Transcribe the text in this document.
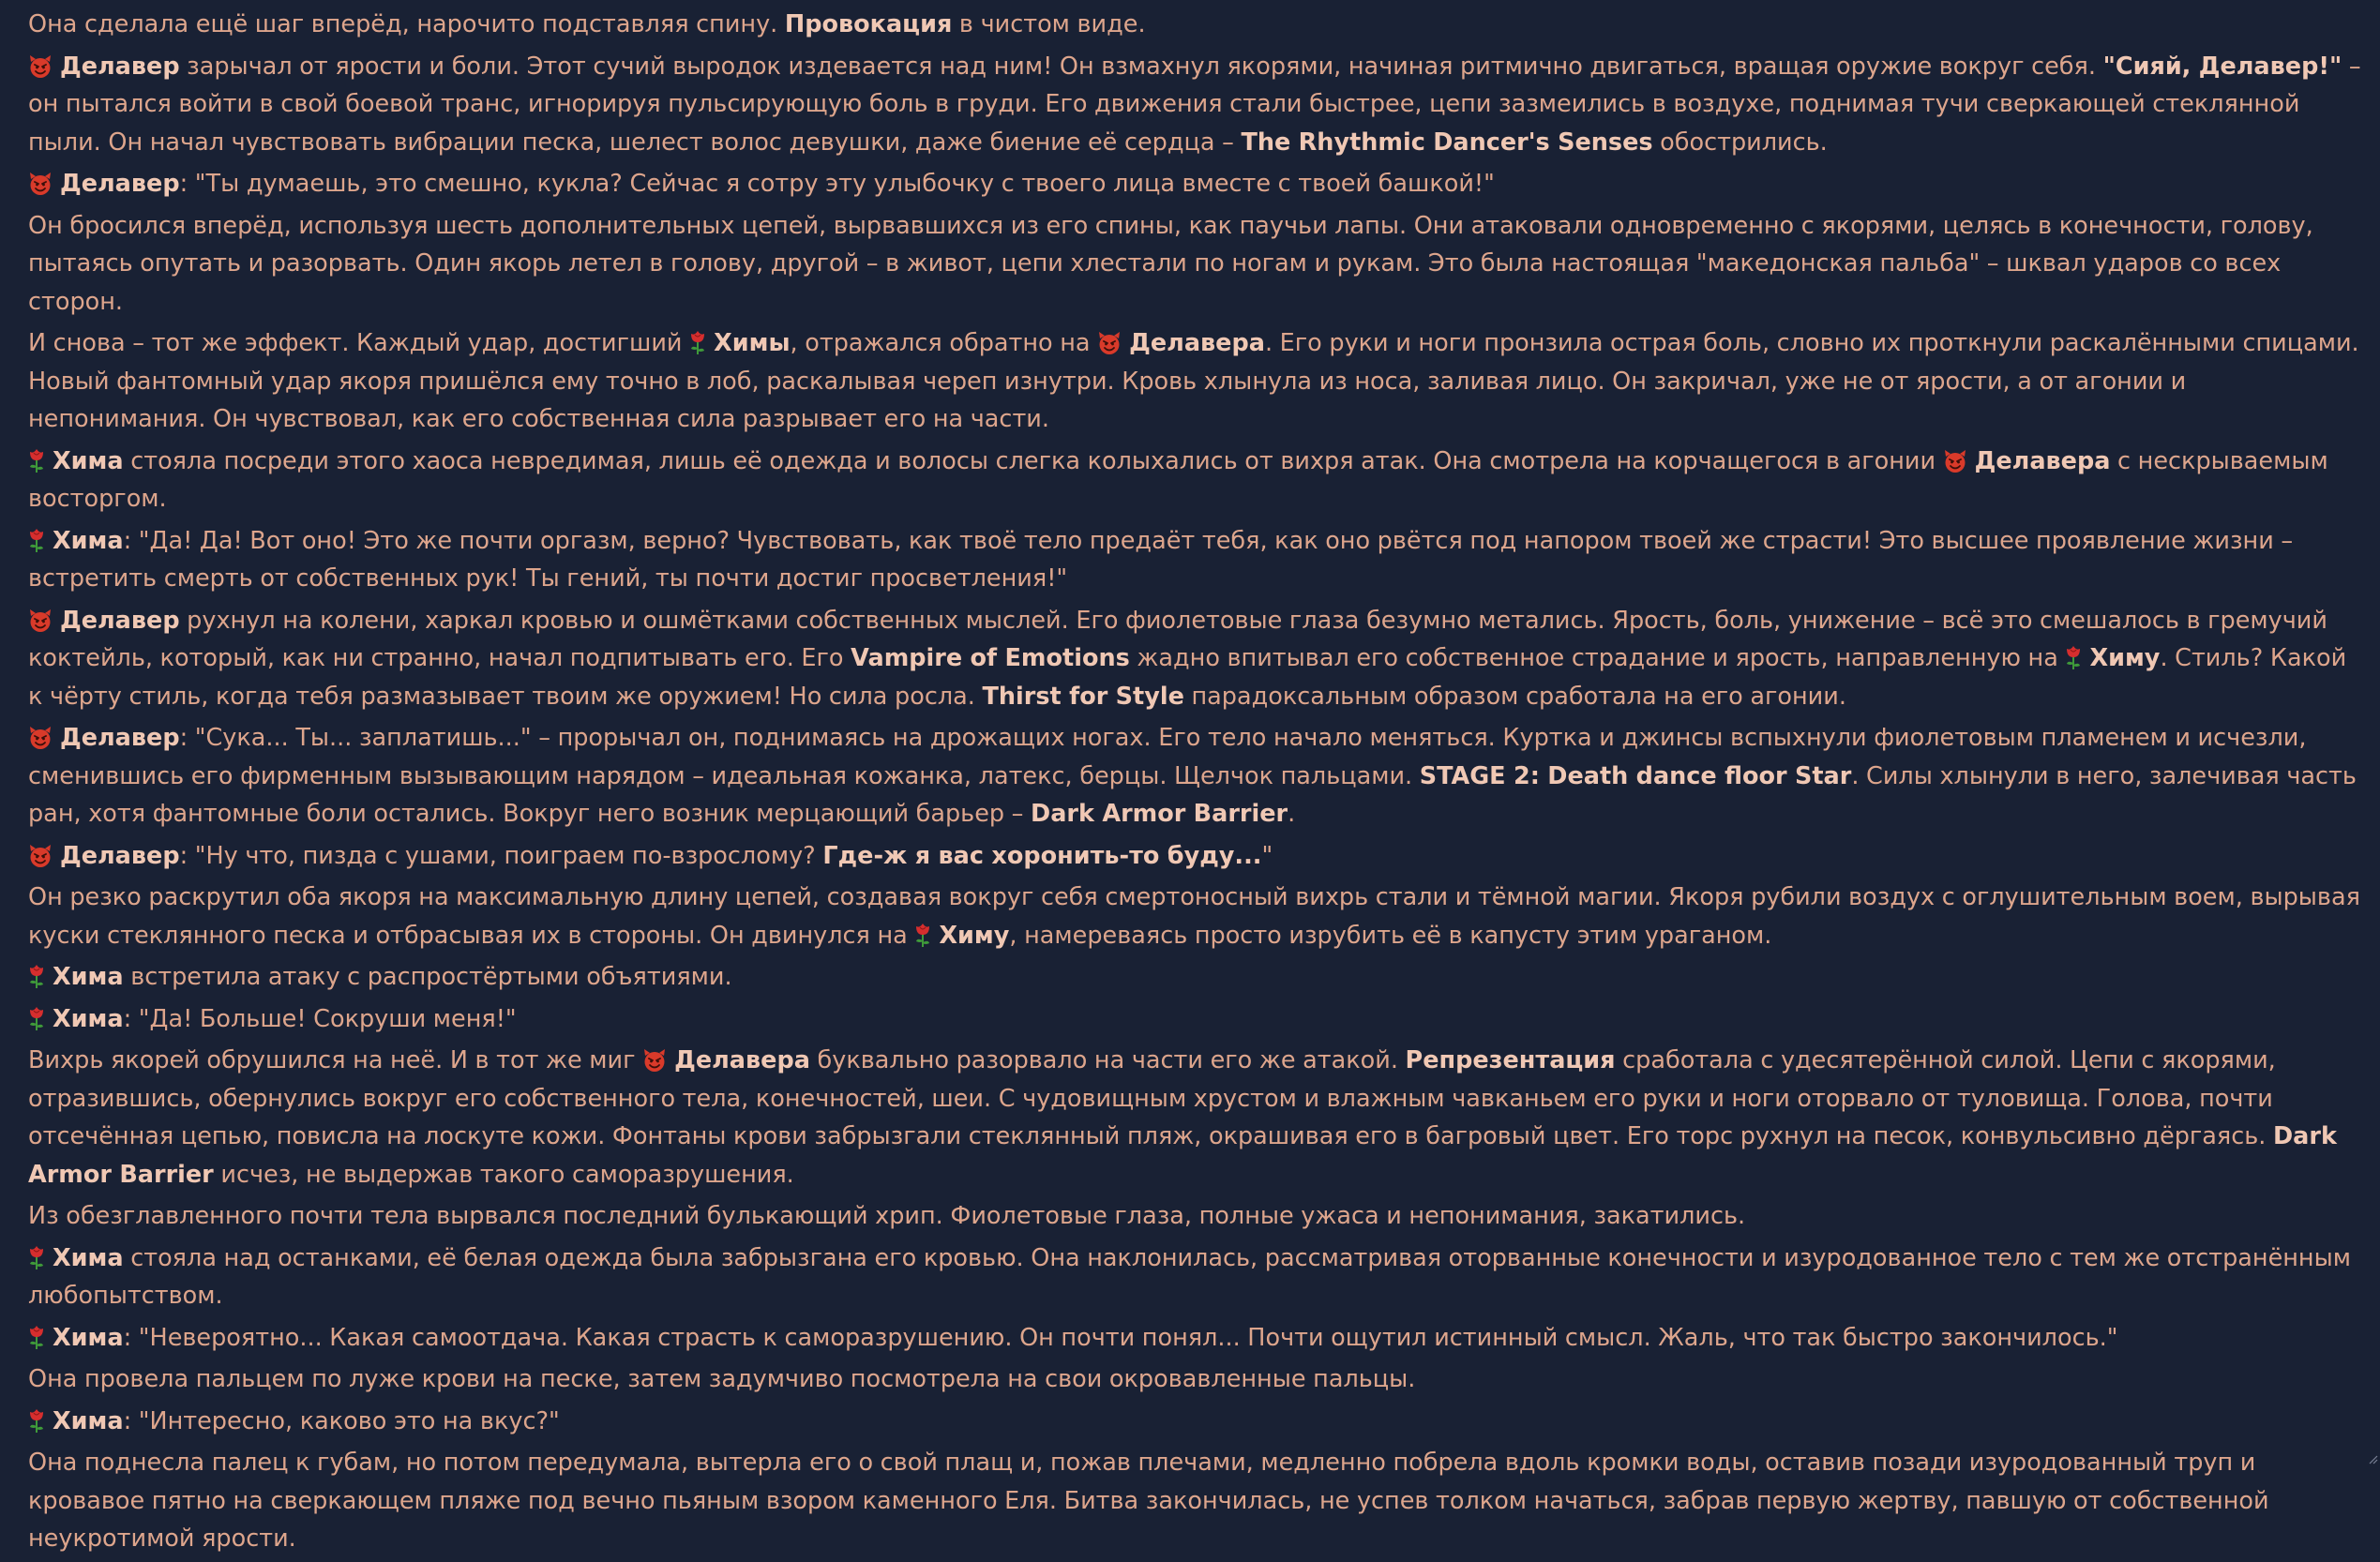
Она сделала ещё шаг вперёд, нарочито подставляя спину. Провокация в чистом виде.
Делавер зарычал от ярости и боли. Этот сучий выродок издевается над ним! Он взмахнул якорями, начиная ритмично двигаться, вращая оружие вокруг себя. "Сияй, Делавер!" – он пытался войти в свой боевой транс, игнорируя пульсирующую боль в груди. Его движения стали быстрее, цепи зазмеились в воздухе, поднимая тучи сверкающей стеклянной пыли. Он начал чувствовать вибрации песка, шелест волос девушки, даже биение её сердца – The Rhythmic Dancer's Senses обострились.
Делавер: "Ты думаешь, это смешно, кукла? Сейчас я сотру эту улыбочку с твоего лица вместе с твоей башкой!"
Он бросился вперёд, используя шесть дополнительных цепей, вырвавшихся из его спины, как паучьи лапы. Они атаковали одновременно с якорями, целясь в конечности, голову, пытаясь опутать и разорвать. Один якорь летел в голову, другой – в живот, цепи хлестали по ногам и рукам. Это была настоящая "македонская пальба" – шквал ударов со всех сторон.
И снова – тот же эффект. Каждый удар, достигший
Химы, отражался обратно на
Делавера. Его руки и ноги пронзила острая боль, словно их проткнули раскалёнными спицами. Новый фантомный удар якоря пришёлся ему точно в лоб, раскалывая череп изнутри. Кровь хлынула из носа, заливая лицо. Он закричал, уже не от ярости, а от агонии и непонимания. Он чувствовал, как его собственная сила разрывает его на части.
Хима стояла посреди этого хаоса невредимая, лишь её одежда и волосы слегка колыхались от вихря атак. Она смотрела на корчащегося в агонии
Делавера с нескрываемым восторгом.
Хима: "Да! Да! Вот оно! Это же почти оргазм, верно? Чувствовать, как твоё тело предаёт тебя, как оно рвётся под напором твоей же страсти! Это высшее проявление жизни – встретить смерть от собственных рук! Ты гений, ты почти достиг просветления!"
Делавер рухнул на колени, харкал кровью и ошмётками собственных мыслей. Его фиолетовые глаза безумно метались. Ярость, боль, унижение – всё это смешалось в гремучий коктейль, который, как ни странно, начал подпитывать его. Его Vampire of Emotions жадно впитывал его собственное страдание и ярость, направленную на
Химу. Стиль? Какой к чёрту стиль, когда тебя размазывает твоим же оружием! Но сила росла. Thirst for Style парадоксальным образом сработала на его агонии.
Делавер: "Сука... Ты... заплатишь..." – прорычал он, поднимаясь на дрожащих ногах. Его тело начало меняться. Куртка и джинсы вспыхнули фиолетовым пламенем и исчезли, сменившись его фирменным вызывающим нарядом – идеальная кожанка, латекс, берцы. Щелчок пальцами. STAGE 2: Death dance floor Star. Силы хлынули в него, залечивая часть ран, хотя фантомные боли остались. Вокруг него возник мерцающий барьер – Dark Armor Barrier.
Делавер: "Ну что, пизда с ушами, поиграем по-взрослому? Где-ж я вас хоронить-то буду..."
Он резко раскрутил оба якоря на максимальную длину цепей, создавая вокруг себя смертоносный вихрь стали и тёмной магии. Якоря рубили воздух с оглушительным воем, вырывая куски стеклянного песка и отбрасывая их в стороны. Он двинулся на
Химу, намереваясь просто изрубить её в капусту этим ураганом.
Хима встретила атаку с распростёртыми объятиями.
Хима: "Да! Больше! Сокруши меня!"
Вихрь якорей обрушился на неё. И в тот же миг
Делавера буквально разорвало на части его же атакой. Репрезентация сработала с удесятерённой силой. Цепи с якорями, отразившись, обернулись вокруг его собственного тела, конечностей, шеи. С чудовищным хрустом и влажным чавканьем его руки и ноги оторвало от туловища. Голова, почти отсечённая цепью, повисла на лоскуте кожи. Фонтаны крови забрызгали стеклянный пляж, окрашивая его в багровый цвет. Его торс рухнул на песок, конвульсивно дёргаясь. Dark Armor Barrier исчез, не выдержав такого саморазрушения.
Из обезглавленного почти тела вырвался последний булькающий хрип. Фиолетовые глаза, полные ужаса и непонимания, закатились.
Хима стояла над останками, её белая одежда была забрызгана его кровью. Она наклонилась, рассматривая оторванные конечности и изуродованное тело с тем же отстранённым любопытством.
Хима: "Невероятно... Какая самоотдача. Какая страсть к саморазрушению. Он почти понял... Почти ощутил истинный смысл. Жаль, что так быстро закончилось."
Она провела пальцем по луже крови на песке, затем задумчиво посмотрела на свои окровавленные пальцы.
Хима: "Интересно, каково это на вкус?"
Она поднесла палец к губам, но потом передумала, вытерла его о свой плащ и, пожав плечами, медленно побрела вдоль кромки воды, оставив позади изуродованный труп и кровавое пятно на сверкающем пляже под вечно пьяным взором каменного Еля. Битва закончилась, не успев толком начаться, забрав первую жертву, павшую от собственной неукротимой ярости.
